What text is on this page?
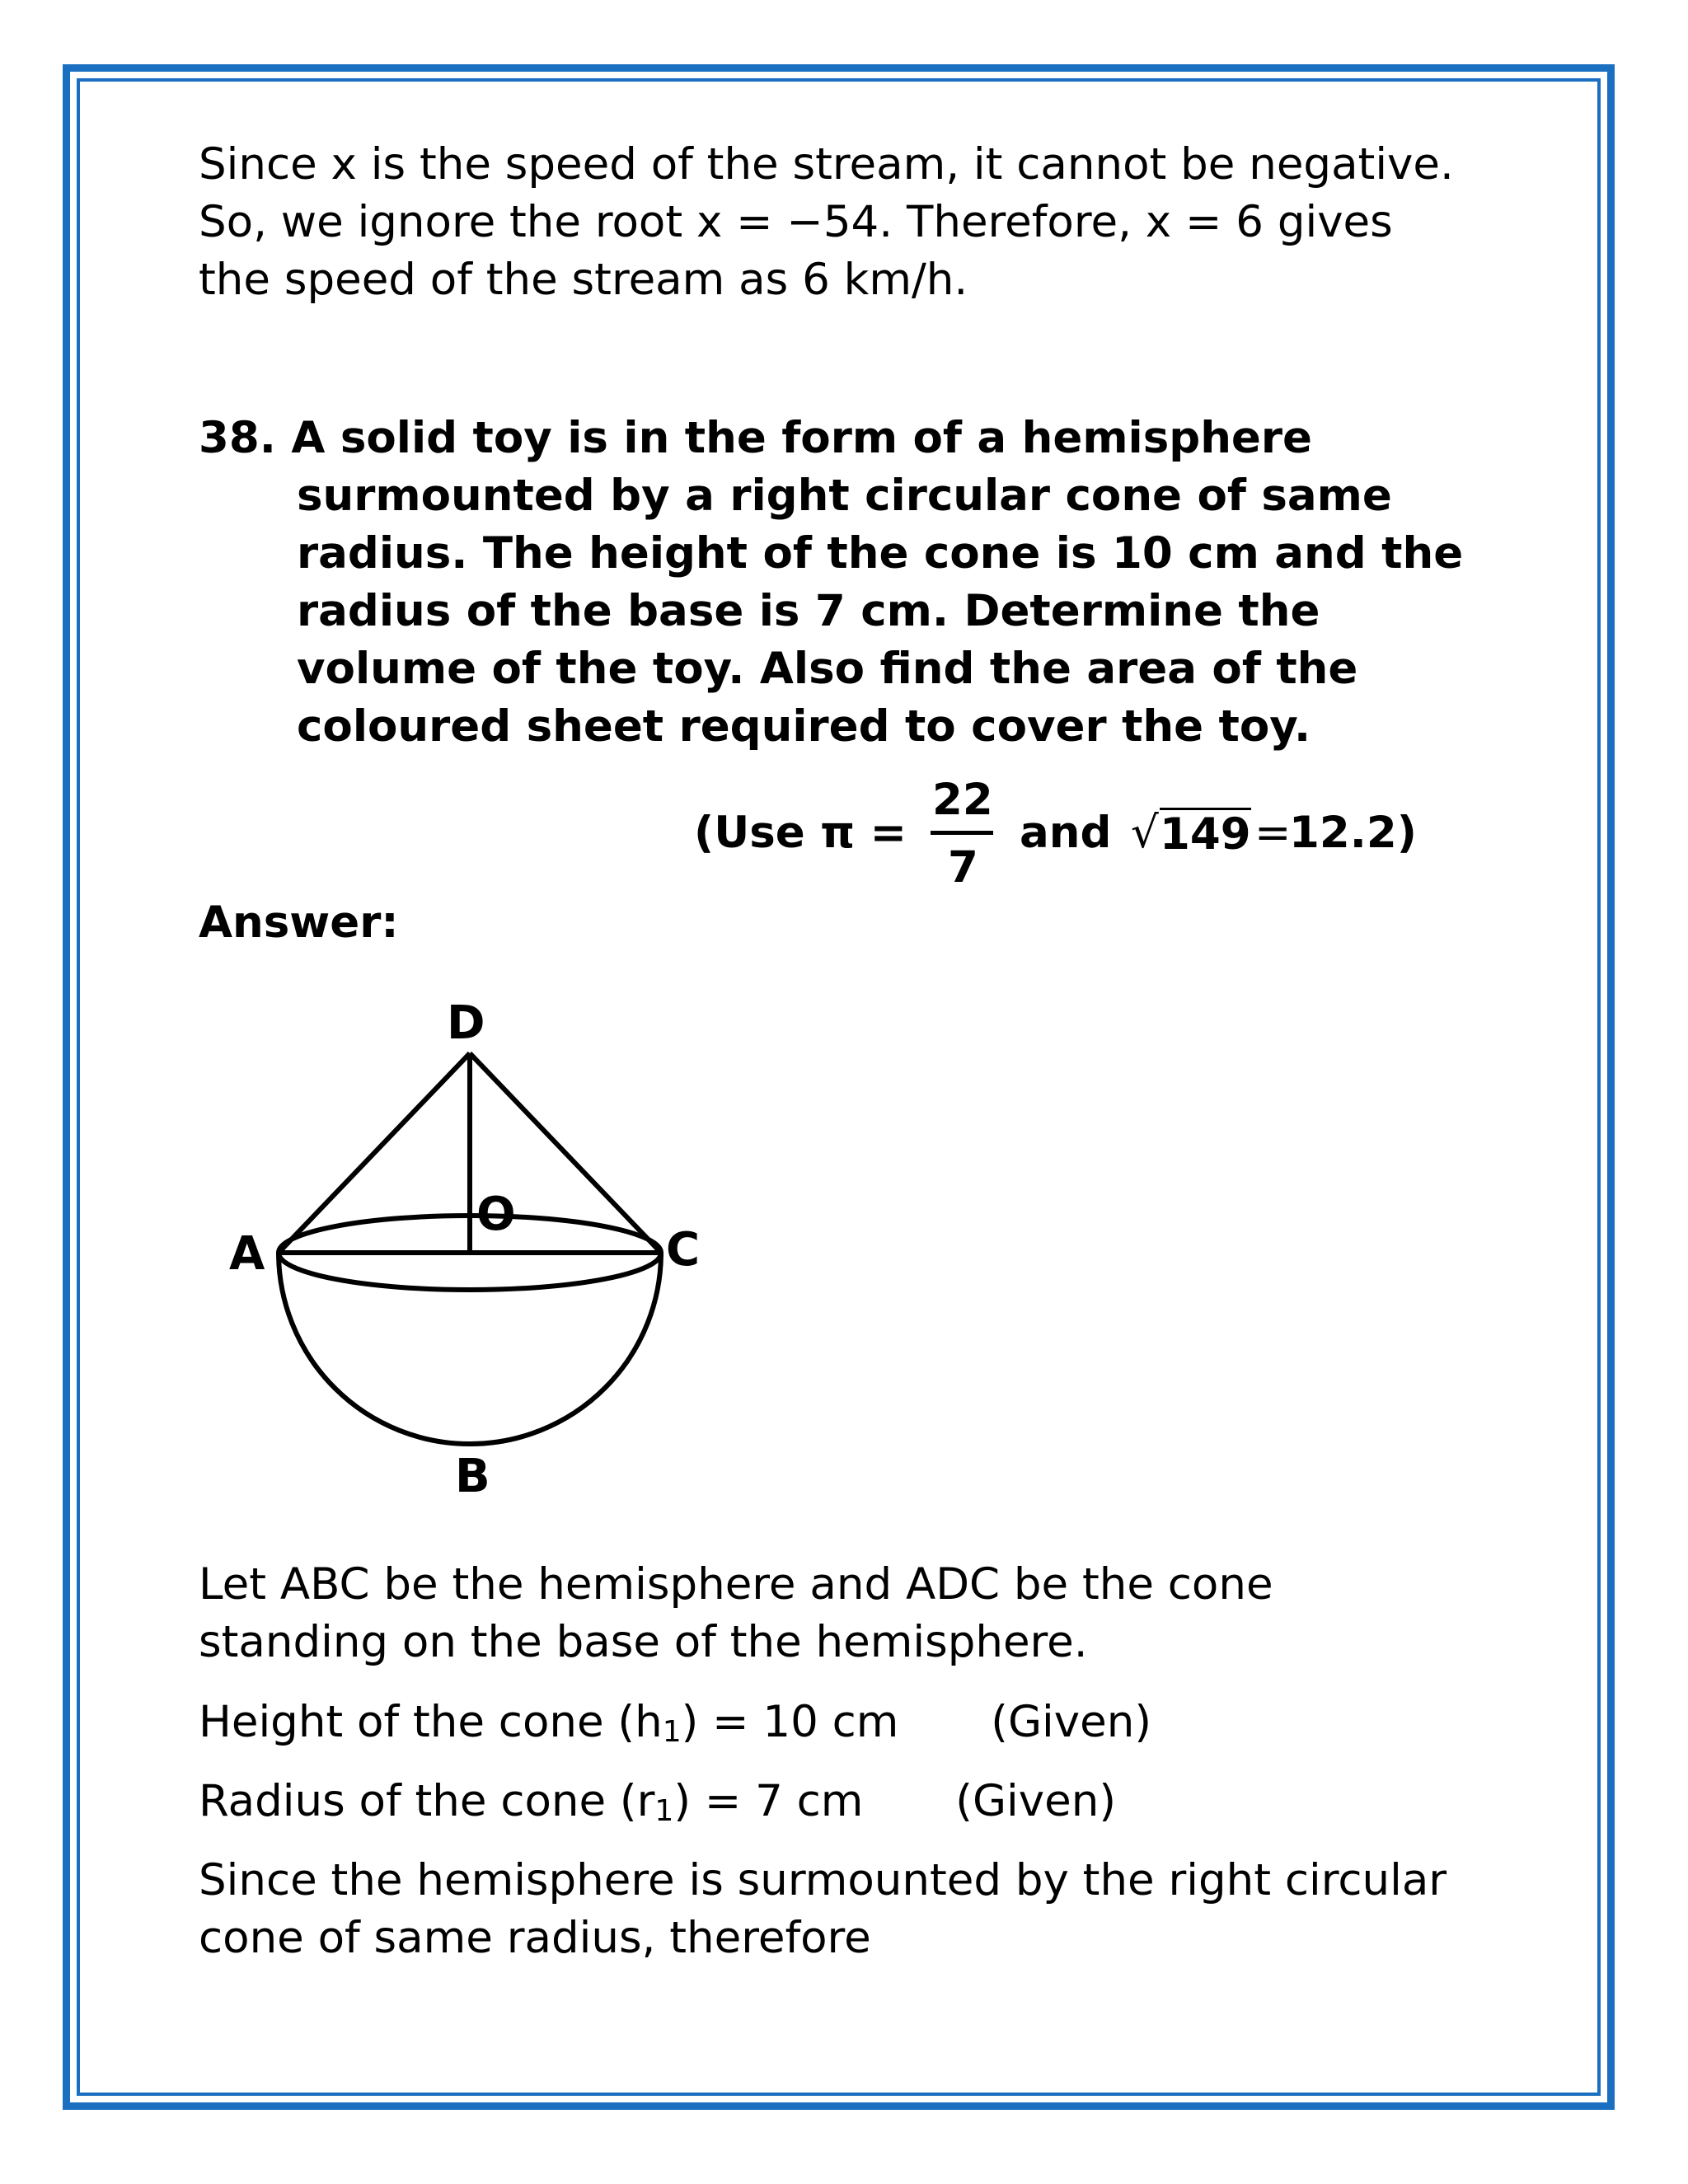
Since x is the speed of the stream, it cannot be negative.

So, we ignore the root x = −54. Therefore, x = 6 gives

the speed of the stream as 6 km/h.

38. A solid toy is in the form of a hemisphere
surmounted by a right circular cone of same
radius. The height of the cone is 10 cm and the
radius of the base is 7 cm. Determine the
volume of the toy. Also find the area of the
coloured sheet required to cover the toy.
(Use π =
22
7
and √ 149 =
12.2)
Answer:
D
O
A	C
B

Let ABC be the hemisphere and ADC be the cone

standing on the base of the hemisphere.

Height of the cone (h1) = 10 cm (Given)

Radius of the cone (r1) = 7 cm (Given)

Since the hemisphere is surmounted by the right circular

cone of same radius, therefore
